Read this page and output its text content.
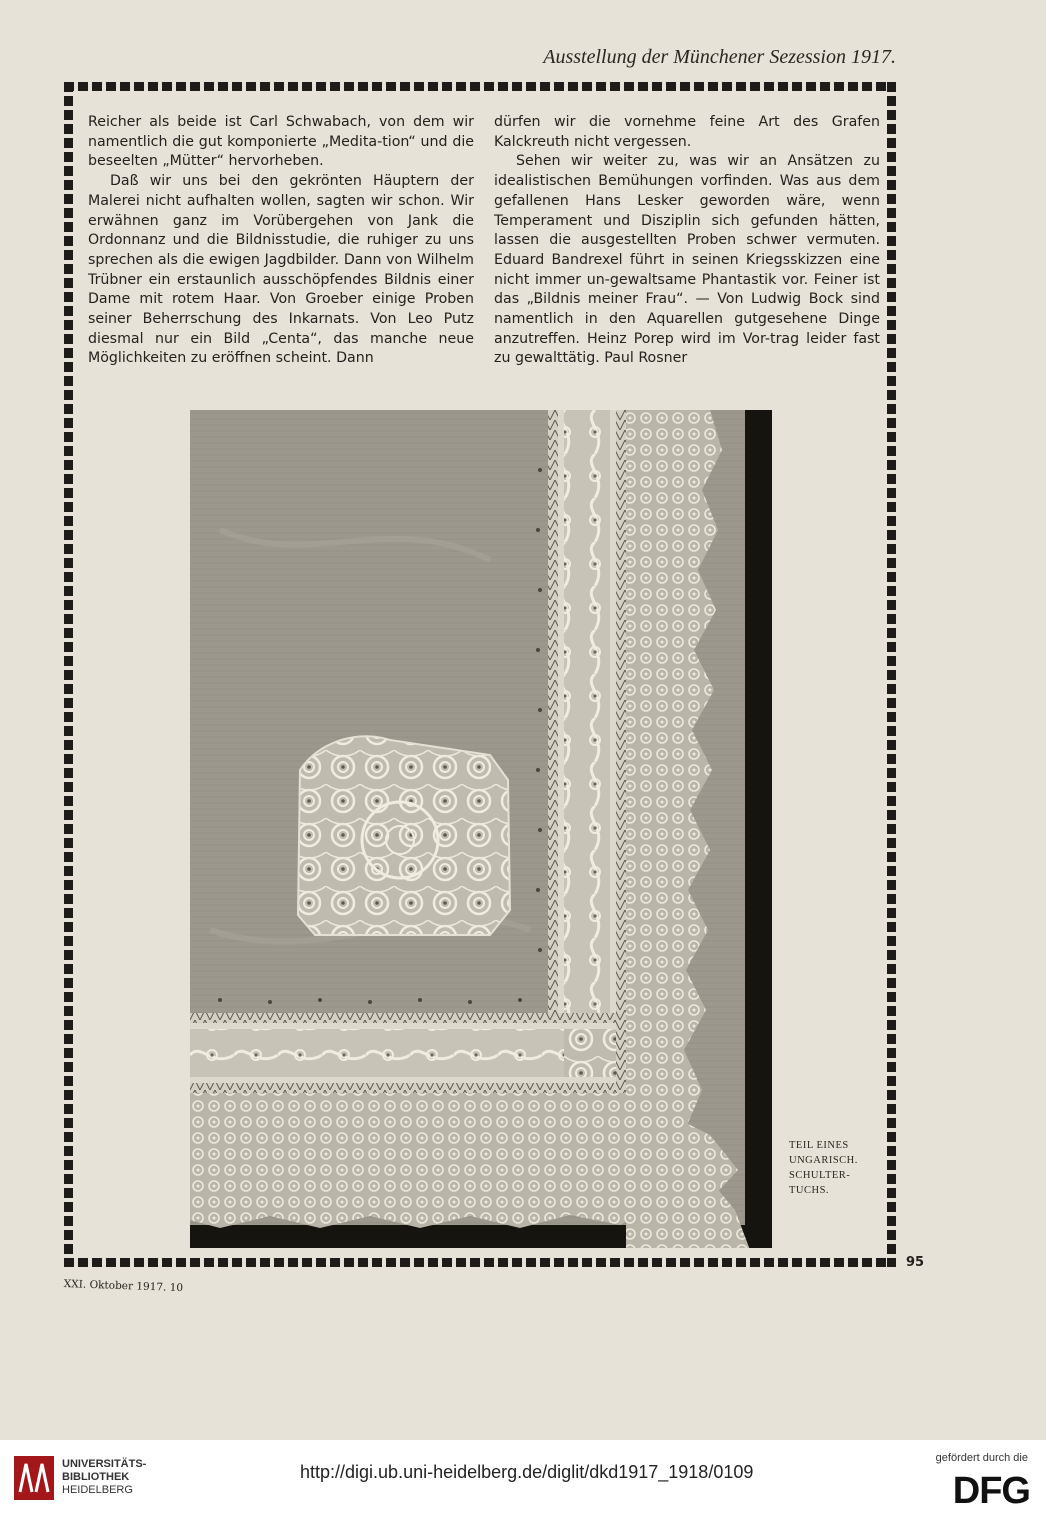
Ausstellung der Münchener Sezession 1917.

Reicher als beide ist Carl Schwabach, von dem wir namentlich die gut komponierte „Medita-tion“ und die beseelten „Mütter“ hervorheben.

Daß wir uns bei den gekrönten Häuptern der Malerei nicht aufhalten wollen, sagten wir schon. Wir erwähnen ganz im Vorübergehen von Jank die Ordonnanz und die Bildnisstudie, die ruhiger zu uns sprechen als die ewigen Jagdbilder. Dann von Wilhelm Trübner ein erstaunlich ausschöpfendes Bildnis einer Dame mit rotem Haar. Von Groeber einige Proben seiner Beherrschung des Inkarnats. Von Leo Putz diesmal nur ein Bild „Centa“, das manche neue Möglichkeiten zu eröffnen scheint. Dann

dürfen wir die vornehme feine Art des Grafen Kalckreuth nicht vergessen.

Sehen wir weiter zu, was wir an Ansätzen zu idealistischen Bemühungen vorfinden. Was aus dem gefallenen Hans Lesker geworden wäre, wenn Temperament und Disziplin sich gefunden hätten, lassen die ausgestellten Proben schwer vermuten. Eduard Bandrexel führt in seinen Kriegsskizzen eine nicht immer un-gewaltsame Phantastik vor. Feiner ist das „Bildnis meiner Frau“. — Von Ludwig Bock sind namentlich in den Aquarellen gutgesehene Dinge anzutreffen. Heinz Porep wird im Vor-trag leider fast zu gewalttätig. Paul Rosner

TEIL EINES
UNGARISCH.
SCHULTER-
TUCHS.
95
XXI. Oktober 1917. 10
UNIVERSITÄTS-
BIBLIOTHEK
HEIDELBERG
http://digi.ub.uni-heidelberg.de/diglit/dkd1917_1918/0109
gefördert durch die
DFG
